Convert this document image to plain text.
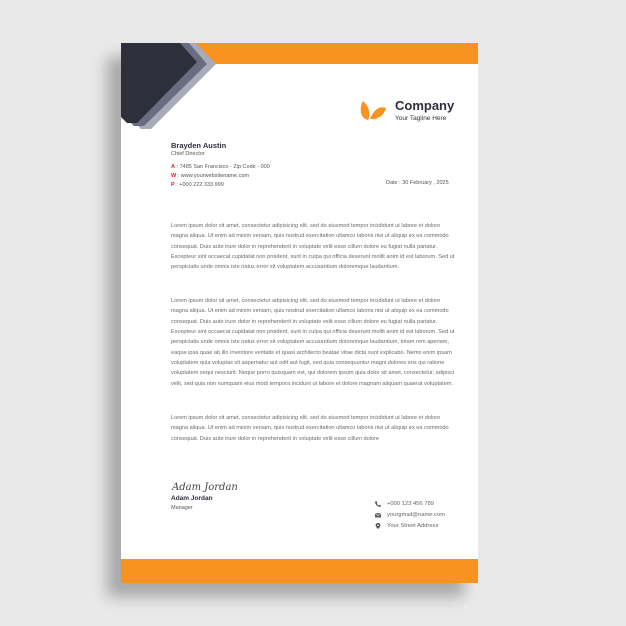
Company
Your Tagline Here
Brayden Austin
Chief Director
A : 7485 San Francisco - Zip Code - 000
W : www.yourwebsitename.com
P : +000 222 333 999	Date : 30 February , 2025

Lorem ipsum dolor sit amet, consectetur adipisicing elit, sed do eiusmod tempor incididunt ut labore et dolore magna aliqua. Ut enim ad minim veniam, quis nostrud exercitation ullamco laboris nisi ut aliquip ex ea commodo consequat. Duis aute irure dolor in reprehenderit in voluptate velit esse cillum dolore eu fugiat nulla pariatur. Excepteur sint occaecat cupidatat non proident, sunt in culpa qui officia deserunt mollit anim id est laborum. Sed ut perspiciatis unde omnis iste natus error sit voluptatem accusantium doloremque laudantium.

Lorem ipsum dolor sit amet, consectetur adipisicing elit, sed do eiusmod tempor incididunt ut labore et dolore magna aliqua. Ut enim ad minim veniam, quis nostrud exercitation ullamco laboris nisi ut aliquip ex ea commodo consequat. Duis aute irure dolor in reprehenderit in voluptate velit esse cillum dolore eu fugiat nulla pariatur. Excepteur sint occaecat cupidatat non proident, sunt in culpa qui officia deserunt mollit anim id est laborum. Sed ut perspiciatis unde omnis iste natus error sit voluptatem accusantium doloremque laudantium, totam rem aperiam, eaque ipsa quae ab illo inventore veritatis et quasi architecto beatae vitae dicta sunt explicabo. Nemo enim ipsam voluptatem quia voluptas sit aspernatur aut odit aut fugit, sed quia consequuntur magni dolores eos qui ratione voluptatem sequi nesciunt. Neque porro quisquam est, qui dolorem ipsum quia dolor sit amet, consectetur, adipisci velit, sed quia non numquam eius modi tempora incidunt ut labore et dolore magnam aliquam quaerat voluptatem.

Lorem ipsum dolor sit amet, consectetur adipisicing elit, sed do eiusmod tempor incididunt ut labore et dolore magna aliqua. Ut enim ad minim veniam, quis nostrud exercitation ullamco laboris nisi ut aliquip ex ea commodo consequat. Duis aute irure dolor in reprehenderit in voluptate velit esse cillum dolore

Adam Jordan
Adam Jordan
Manager
+000 123 456 789
yourgmail@name.com
Your Street Address
